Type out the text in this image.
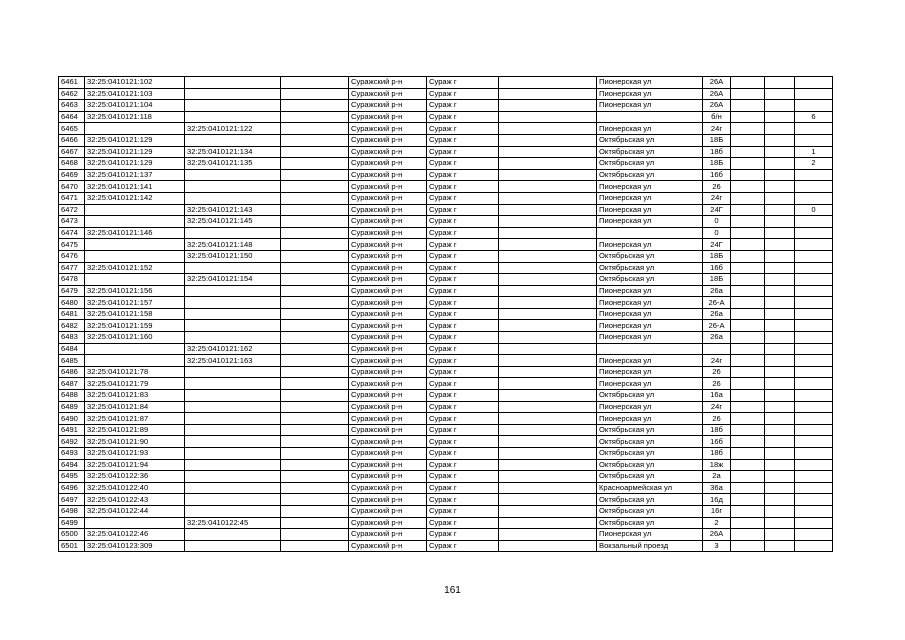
6461	32:25:0410121:102			Суражский р-н	Сураж г		Пионерская ул	26А			
6462	32:25:0410121:103			Суражский р-н	Сураж г		Пионерская ул	26А			
6463	32:25:0410121:104			Суражский р-н	Сураж г		Пионерская ул	26А			
6464	32:25:0410121:118			Суражский р-н	Сураж г			б/н			6
6465		32:25:0410121:122		Суражский р-н	Сураж г		Пионерская ул	24г			
6466	32:25:0410121:129			Суражский р-н	Сураж г		Октябрьская ул	18Б			
6467	32:25:0410121:129	32:25:0410121:134		Суражский р-н	Сураж г		Октябрьская ул	18б			1
6468	32:25:0410121:129	32:25:0410121:135		Суражский р-н	Сураж г		Октябрьская ул	18Б			2
6469	32:25:0410121:137			Суражский р-н	Сураж г		Октябрьская ул	16б			
6470	32:25:0410121:141			Суражский р-н	Сураж г		Пионерская ул	26			
6471	32:25:0410121:142			Суражский р-н	Сураж г		Пионерская ул	24г			
6472		32:25:0410121:143		Суражский р-н	Сураж г		Пионерская ул	24Г			0
6473		32:25:0410121:145		Суражский р-н	Сураж г		Пионерская ул	0			
6474	32:25:0410121:146			Суражский р-н	Сураж г			0			
6475		32:25:0410121:148		Суражский р-н	Сураж г		Пионерская ул	24Г			
6476		32:25:0410121:150		Суражский р-н	Сураж г		Октябрьская ул	18Б			
6477	32:25:0410121:152			Суражский р-н	Сураж г		Октябрьская ул	16б			
6478		32:25:0410121:154		Суражский р-н	Сураж г		Октябрьская ул	18Б			
6479	32:25:0410121:156			Суражский р-н	Сураж г		Пионерская ул	26а			
6480	32:25:0410121:157			Суражский р-н	Сураж г		Пионерская ул	26-А			
6481	32:25:0410121:158			Суражский р-н	Сураж г		Пионерская ул	26а			
6482	32:25:0410121:159			Суражский р-н	Сураж г		Пионерская ул	26-А			
6483	32:25:0410121:160			Суражский р-н	Сураж г		Пионерская ул	26а			
6484		32:25:0410121:162		Суражский р-н	Сураж г						
6485		32:25:0410121:163		Суражский р-н	Сураж г		Пионерская ул	24г			
6486	32:25:0410121:78			Суражский р-н	Сураж г		Пионерская ул	26			
6487	32:25:0410121:79			Суражский р-н	Сураж г		Пионерская ул	26			
6488	32:25:0410121:83			Суражский р-н	Сураж г		Октябрьская ул	16а			
6489	32:25:0410121:84			Суражский р-н	Сураж г		Пионерская ул	24г			
6490	32:25:0410121:87			Суражский р-н	Сураж г		Пионерская ул	26			
6491	32:25:0410121:89			Суражский р-н	Сураж г		Октябрьская ул	18б			
6492	32:25:0410121:90			Суражский р-н	Сураж г		Октябрьская ул	16б			
6493	32:25:0410121:93			Суражский р-н	Сураж г		Октябрьская ул	18б			
6494	32:25:0410121:94			Суражский р-н	Сураж г		Октябрьская ул	18ж			
6495	32:25:0410122:36			Суражский р-н	Сураж г		Октябрьская ул	2а			
6496	32:25:0410122:40			Суражский р-н	Сураж г		Красноармейская ул	36а			
6497	32:25:0410122:43			Суражский р-н	Сураж г		Октябрьская ул	16д			
6498	32:25:0410122:44			Суражский р-н	Сураж г		Октябрьская ул	16г			
6499		32:25:0410122:45		Суражский р-н	Сураж г		Октябрьская ул	2			
6500	32:25:0410122:46			Суражский р-н	Сураж г		Пионерская ул	26А			
6501	32:25:0410123:309			Суражский р-н	Сураж г		Вокзальный проезд	3			
161
